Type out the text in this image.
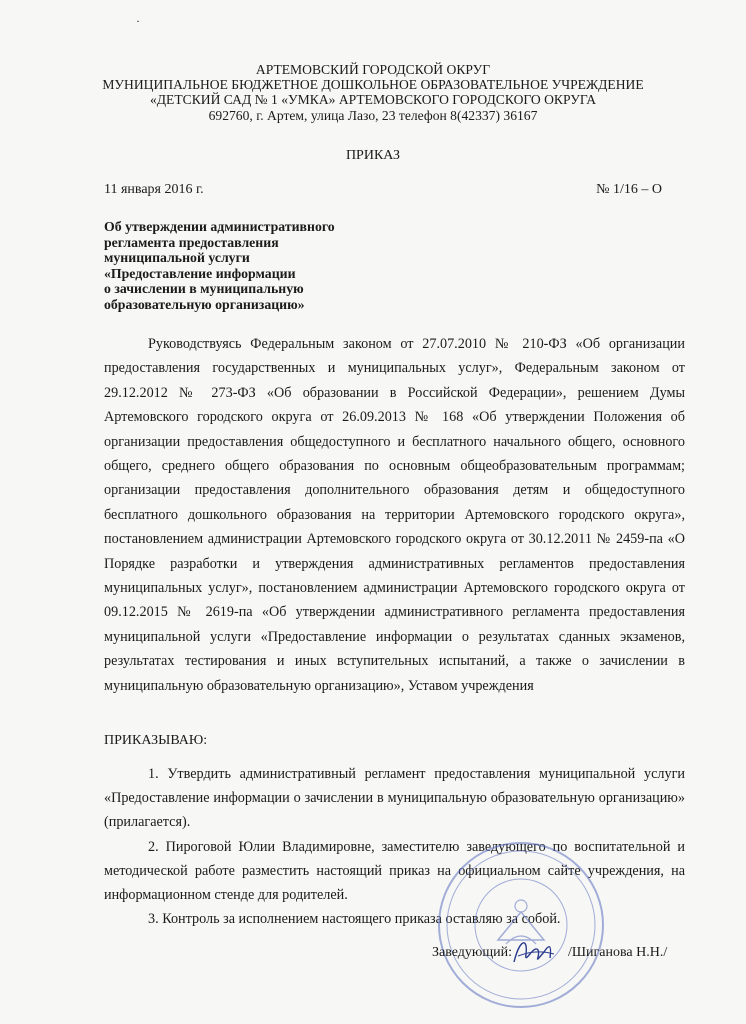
·
АРТЕМОВСКИЙ ГОРОДСКОЙ ОКРУГ
МУНИЦИПАЛЬНОЕ БЮДЖЕТНОЕ ДОШКОЛЬНОЕ ОБРАЗОВАТЕЛЬНОЕ УЧРЕЖДЕНИЕ
«ДЕТСКИЙ САД № 1 «УМКА» АРТЕМОВСКОГО ГОРОДСКОГО ОКРУГА
692760, г. Артем, улица Лазо, 23 телефон 8(42337) 36167
ПРИКАЗ
11 января 2016 г.	№ 1/16 – О
Об утверждении административного
регламента предоставления
муниципальной услуги
«Предоставление информации
о зачислении в муниципальную
образовательную организацию»
Руководствуясь Федеральным законом от 27.07.2010 № 210-ФЗ «Об организации предоставления государственных и муниципальных услуг», Федеральным законом от 29.12.2012 № 273-ФЗ «Об образовании в Российской Федерации», решением Думы Артемовского городского округа от 26.09.2013 № 168 «Об утверждении Положения об организации предоставления общедоступного и бесплатного начального общего, основного общего, среднего общего образования по основным общеобразовательным программам; организации предоставления дополнительного образования детям и общедоступного бесплатного дошкольного образования на территории Артемовского городского округа», постановлением администрации Артемовского городского округа от 30.12.2011 № 2459-па «О Порядке разработки и утверждения административных регламентов предоставления муниципальных услуг», постановлением администрации Артемовского городского округа от 09.12.2015 № 2619-па «Об утверждении административного регламента предоставления муниципальной услуги «Предоставление информации о результатах сданных экзаменов, результатах тестирования и иных вступительных испытаний, а также о зачислении в муниципальную образовательную организацию», Уставом учреждения
ПРИКАЗЫВАЮ:

1. Утвердить административный регламент предоставления муниципальной услуги «Предоставление информации о зачислении в муниципальную образовательную организацию» (прилагается).

2. Пироговой Юлии Владимировне, заместителю заведующего по воспитательной и методической работе разместить настоящий приказ на официальном сайте учреждения, на информационном стенде для родителей.

3. Контроль за исполнением настоящего приказа оставляю за собой.

Заведующий:	/Шиганова Н.Н./
